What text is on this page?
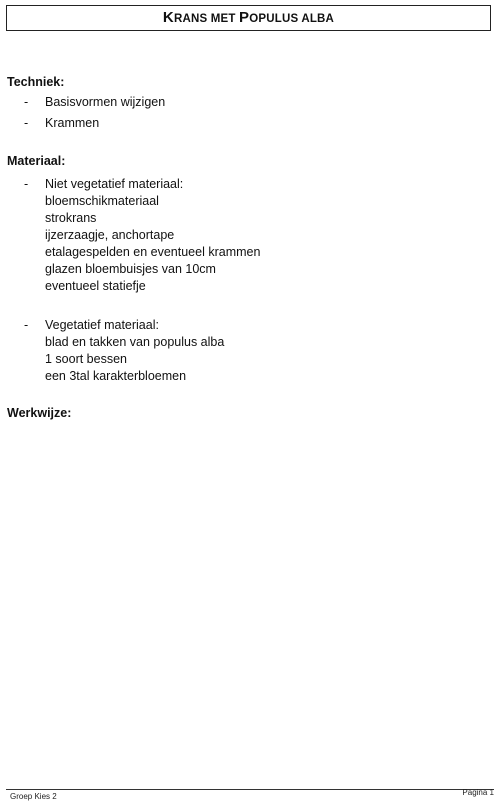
KRANS MET POPULUS ALBA
Techniek:
- Basisvormen wijzigen
- Krammen
Materiaal:
- Niet vegetatief materiaal:
bloemschikmateriaal
strokrans
ijzerzaagje, anchortape
etalagespelden en eventueel krammen
glazen bloembuisjes van 10cm
eventueel statiefje
- Vegetatief materiaal:
blad en takken van populus alba
1 soort bessen
een 3tal karakterbloemen
Werkwijze:
Groep Kies 2	Pagina 1
